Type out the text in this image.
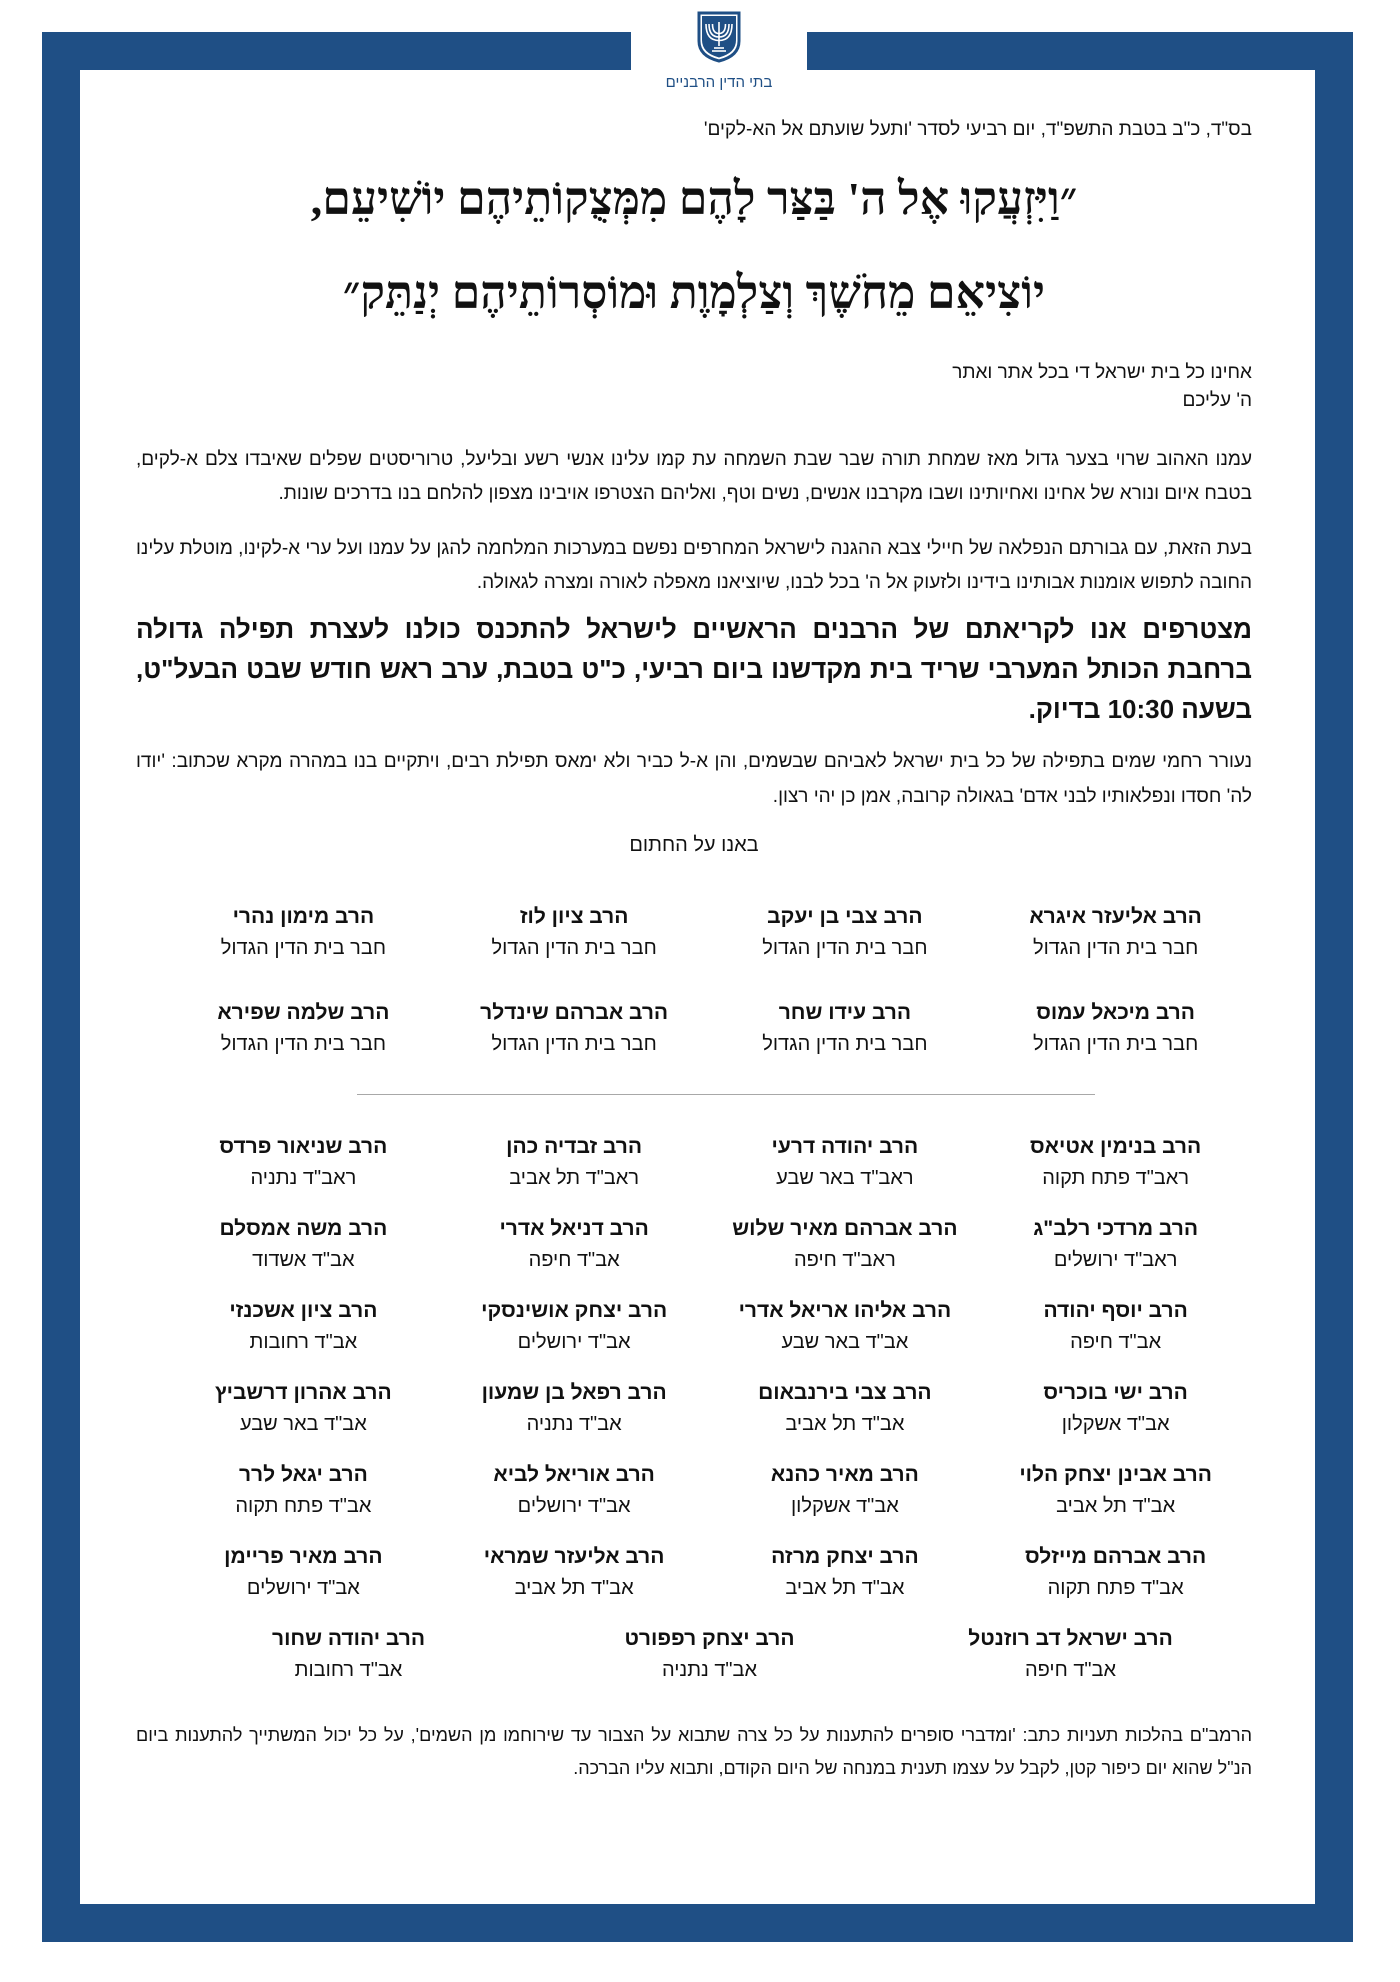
בתי הדין הרבניים
בס"ד, כ"ב בטבת התשפ"ד, יום רביעי לסדר 'ותעל שועתם אל הא-לקים'
״וַיִּזְעֲקוּ אֶל ה' בַּצַּר לָהֶם מִמְּצֻקוֹתֵיהֶם יוֹשִׁיעֵם,
יוֹצִיאֵם מֵחֹשֶׁךְ וְצַלְמָוֶת וּמוֹסְרוֹתֵיהֶם יְנַתֵּק״
אחינו כל בית ישראל די בכל אתר ואתר
ה' עליכם

עמנו האהוב שרוי בצער גדול מאז שמחת תורה שבר שבת השמחה עת קמו עלינו אנשי רשע ובליעל, טרוריסטים שפלים שאיבדו צלם א-לקים, בטבח איום ונורא של אחינו ואחיותינו ושבו מקרבנו אנשים, נשים וטף, ואליהם הצטרפו אויבינו מצפון להלחם בנו בדרכים שונות.

בעת הזאת, עם גבורתם הנפלאה של חיילי צבא ההגנה לישראל המחרפים נפשם במערכות המלחמה להגן על עמנו ועל ערי א-לקינו, מוטלת עלינו החובה לתפוש אומנות אבותינו בידינו ולזעוק אל ה' בכל לבנו, שיוציאנו מאפלה לאורה ומצרה לגאולה.

מצטרפים אנו לקריאתם של הרבנים הראשיים לישראל להתכנס כולנו לעצרת תפילה גדולה ברחבת הכותל המערבי שריד בית מקדשנו ביום רביעי, כ"ט בטבת, ערב ראש חודש שבט הבעל"ט, בשעה 10:30 בדיוק.

נעורר רחמי שמים בתפילה של כל בית ישראל לאביהם שבשמים, והן א-ל כביר ולא ימאס תפילת רבים, ויתקיים בנו במהרה מקרא שכתוב: 'יודו לה' חסדו ונפלאותיו לבני אדם' בגאולה קרובה, אמן כן יהי רצון.

באנו על החתום
הרב אליעזר איגרא
חבר בית הדין הגדול
הרב צבי בן יעקב
חבר בית הדין הגדול
הרב ציון לוז
חבר בית הדין הגדול
הרב מימון נהרי
חבר בית הדין הגדול
הרב מיכאל עמוס
חבר בית הדין הגדול
הרב עידו שחר
חבר בית הדין הגדול
הרב אברהם שינדלר
חבר בית הדין הגדול
הרב שלמה שפירא
חבר בית הדין הגדול
הרב בנימין אטיאס
ראב"ד פתח תקוה
הרב יהודה דרעי
ראב"ד באר שבע
הרב זבדיה כהן
ראב"ד תל אביב
הרב שניאור פרדס
ראב"ד נתניה
הרב מרדכי רלב"ג
ראב"ד ירושלים
הרב אברהם מאיר שלוש
ראב"ד חיפה
הרב דניאל אדרי
אב"ד חיפה
הרב משה אמסלם
אב"ד אשדוד
הרב יוסף יהודה
אב"ד חיפה
הרב אליהו אריאל אדרי
אב"ד באר שבע
הרב יצחק אושינסקי
אב"ד ירושלים
הרב ציון אשכנזי
אב"ד רחובות
הרב ישי בוכריס
אב"ד אשקלון
הרב צבי בירנבאום
אב"ד תל אביב
הרב רפאל בן שמעון
אב"ד נתניה
הרב אהרון דרשביץ
אב"ד באר שבע
הרב אבינן יצחק הלוי
אב"ד תל אביב
הרב מאיר כהנא
אב"ד אשקלון
הרב אוריאל לביא
אב"ד ירושלים
הרב יגאל לרר
אב"ד פתח תקוה
הרב אברהם מייזלס
אב"ד פתח תקוה
הרב יצחק מרזה
אב"ד תל אביב
הרב אליעזר שמראי
אב"ד תל אביב
הרב מאיר פריימן
אב"ד ירושלים
הרב ישראל דב רוזנטל
אב"ד חיפה
הרב יצחק רפפורט
אב"ד נתניה
הרב יהודה שחור
אב"ד רחובות

הרמב"ם בהלכות תעניות כתב: 'ומדברי סופרים להתענות על כל צרה שתבוא על הצבור עד שירוחמו מן השמים', על כל יכול המשתייך להתענות ביום הנ"ל שהוא יום כיפור קטן, לקבל על עצמו תענית במנחה של היום הקודם, ותבוא עליו הברכה.
